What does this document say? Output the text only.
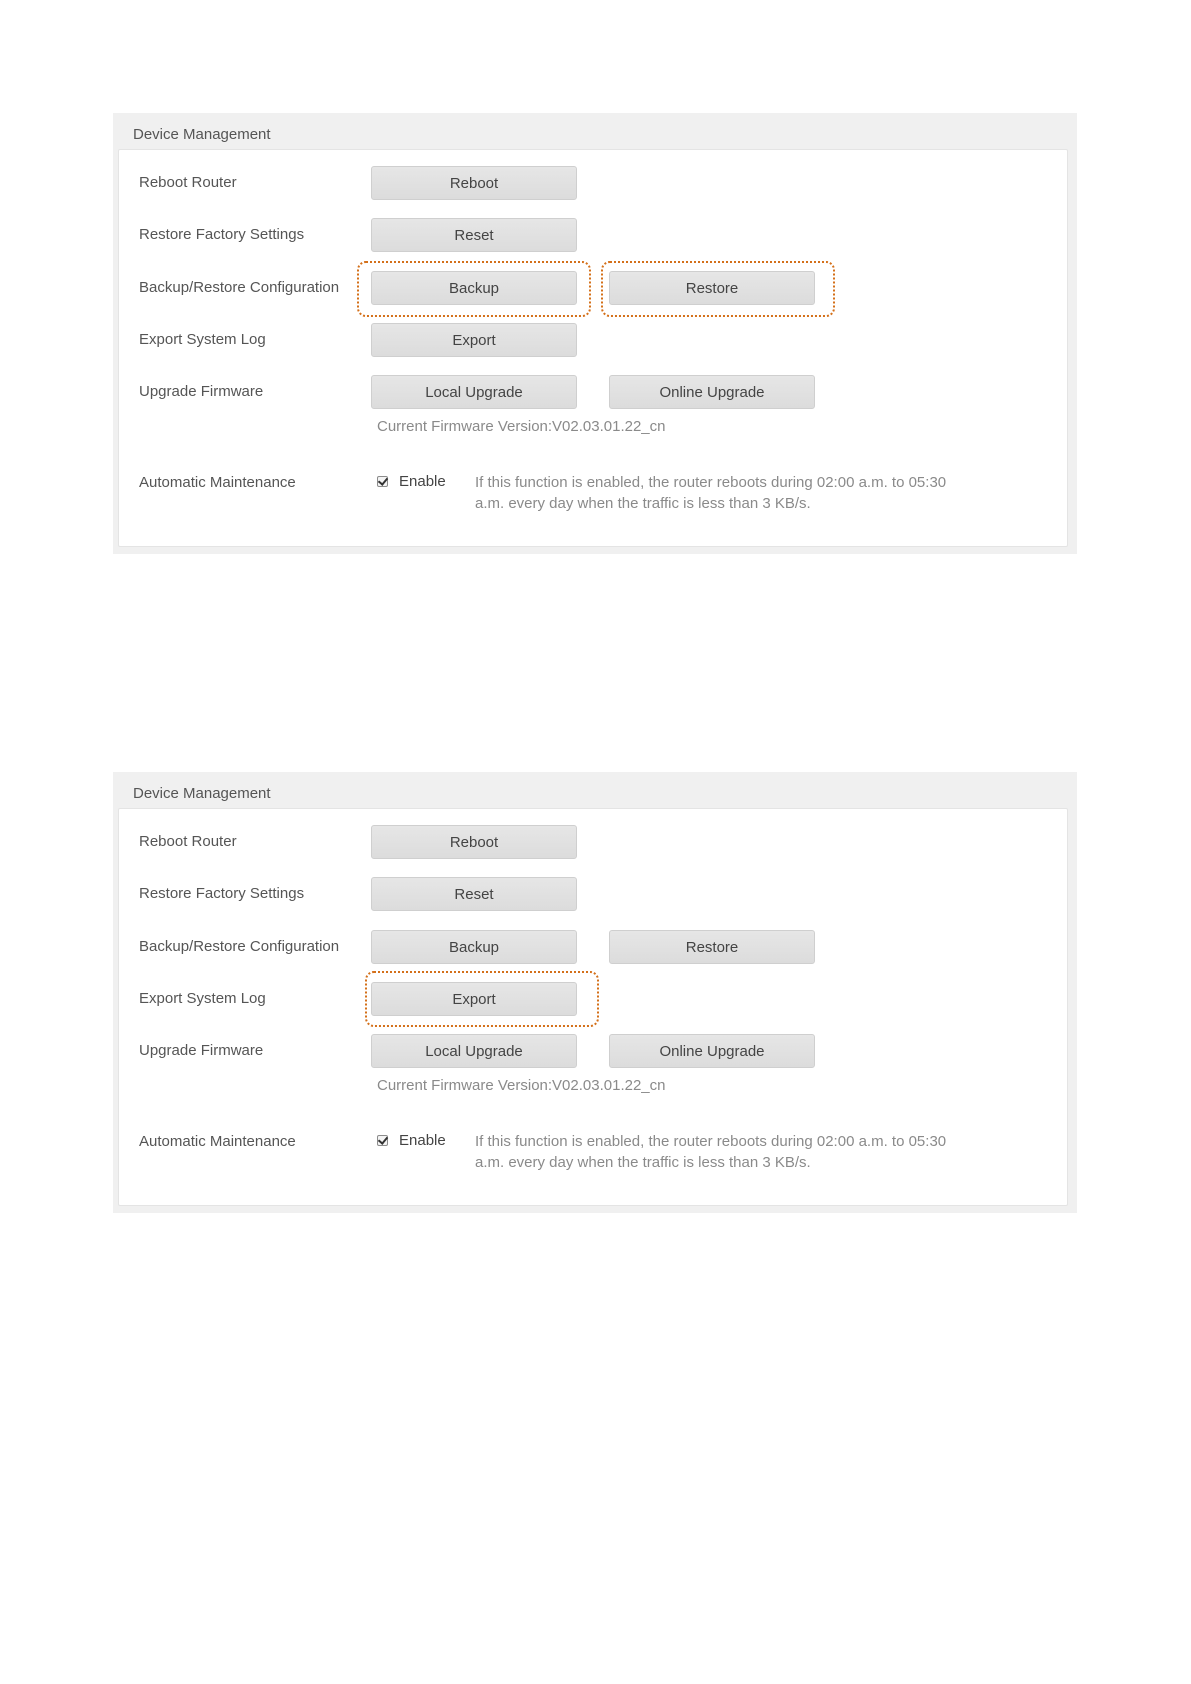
Device Management
Reboot Router	Reboot
Restore Factory Settings	Reset
Backup/Restore Configuration	Backup	Restore
Export System Log	Export
Upgrade Firmware	Local Upgrade	Online Upgrade
Current Firmware Version:V02.03.01.22_cn
Automatic Maintenance	Enable If this function is enabled, the router reboots during 02:00 a.m. to 05:30 a.m. every day when the traffic is less than 3 KB/s.
Device Management
Reboot Router	Reboot
Restore Factory Settings	Reset
Backup/Restore Configuration	Backup	Restore
Export System Log	Export
Upgrade Firmware	Local Upgrade	Online Upgrade
Current Firmware Version:V02.03.01.22_cn
Automatic Maintenance	Enable If this function is enabled, the router reboots during 02:00 a.m. to 05:30 a.m. every day when the traffic is less than 3 KB/s.
